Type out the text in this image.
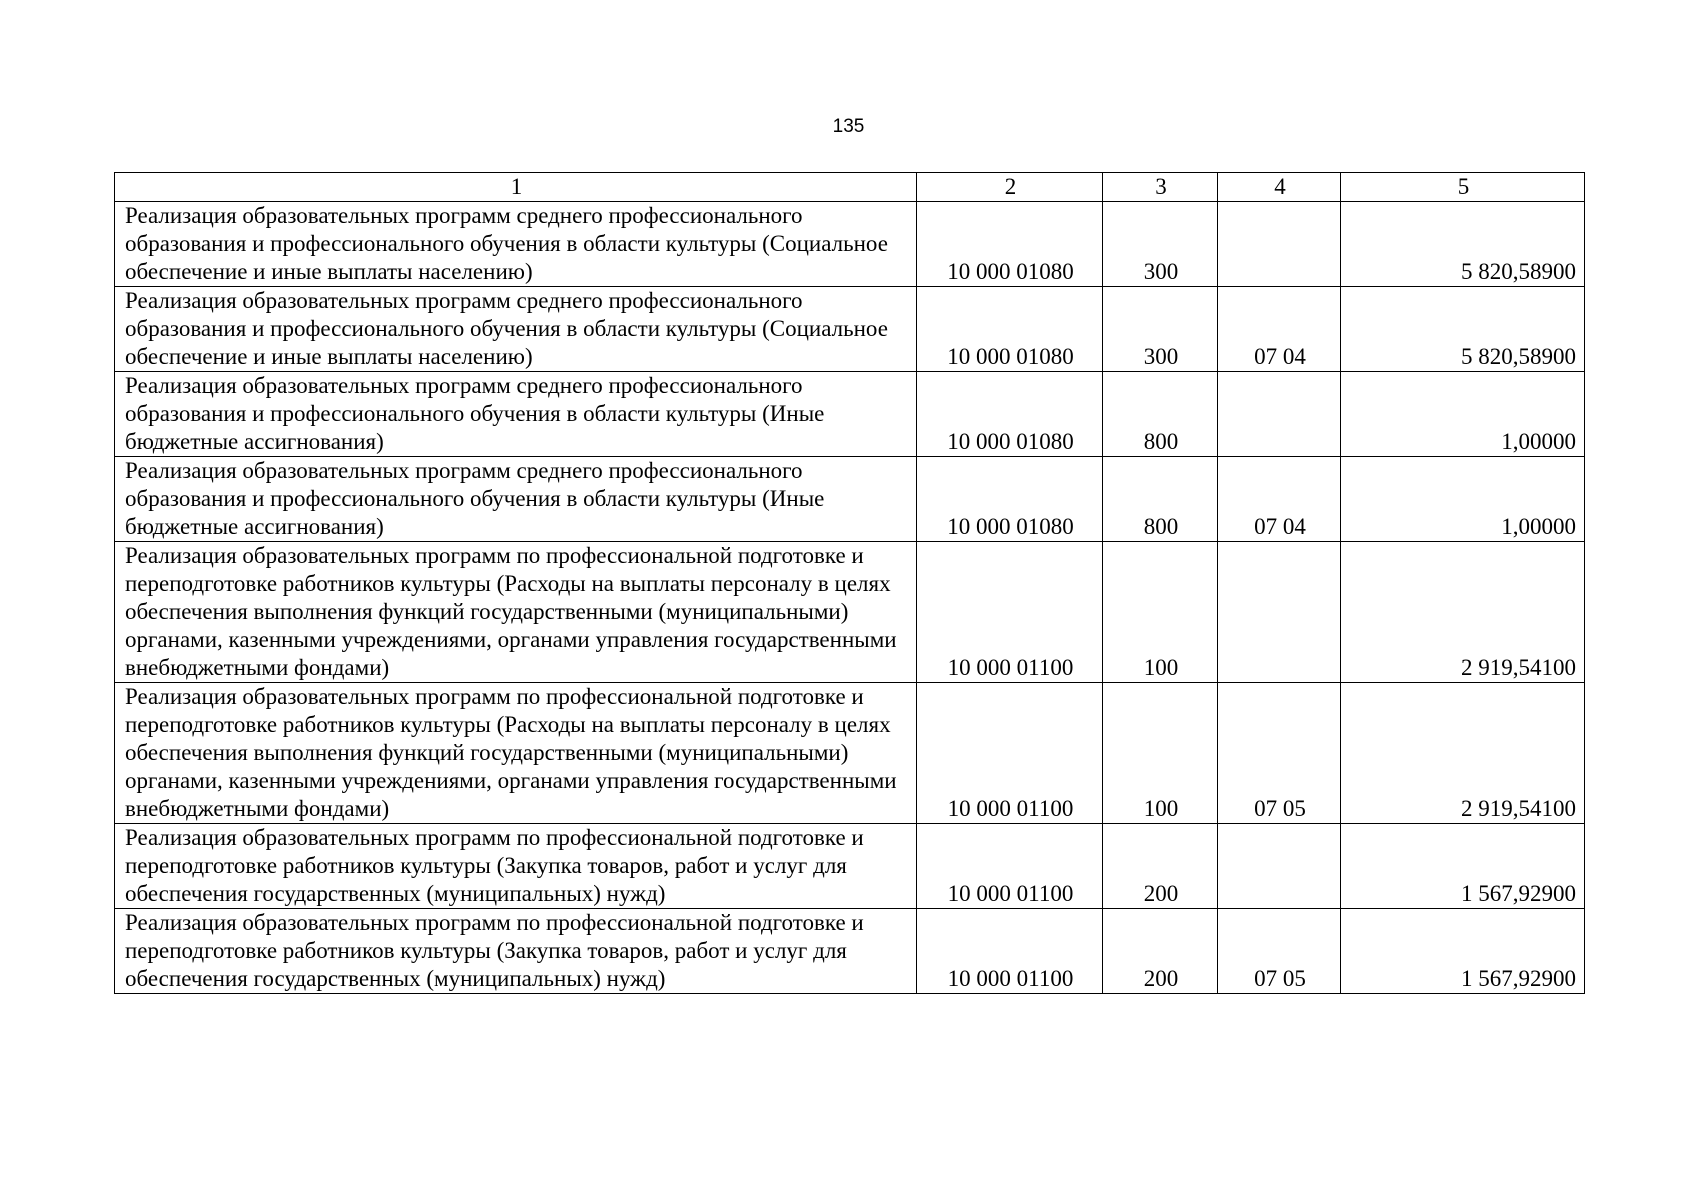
135
1	2	3	4	5
Реализация образовательных программ среднего профессионального образования и профессионального обучения в области культуры (Социальное обеспечение и иные выплаты населению)	10 000 01080	300		5 820,58900
Реализация образовательных программ среднего профессионального образования и профессионального обучения в области культуры (Социальное обеспечение и иные выплаты населению)	10 000 01080	300	07 04	5 820,58900
Реализация образовательных программ среднего профессионального образования и профессионального обучения в области культуры (Иные бюджетные ассигнования)	10 000 01080	800		1,00000
Реализация образовательных программ среднего профессионального образования и профессионального обучения в области культуры (Иные бюджетные ассигнования)	10 000 01080	800	07 04	1,00000
Реализация образовательных программ по профессиональной подготовке и переподготовке работников культуры (Расходы на выплаты персоналу в целях обеспечения выполнения функций государственными (муниципальными) органами, казенными учреждениями, органами управления государственными внебюджетными фондами)	10 000 01100	100		2 919,54100
Реализация образовательных программ по профессиональной подготовке и переподготовке работников культуры (Расходы на выплаты персоналу в целях обеспечения выполнения функций государственными (муниципальными) органами, казенными учреждениями, органами управления государственными внебюджетными фондами)	10 000 01100	100	07 05	2 919,54100
Реализация образовательных программ по профессиональной подготовке и переподготовке работников культуры (Закупка товаров, работ и услуг для обеспечения государственных (муниципальных) нужд)	10 000 01100	200		1 567,92900
Реализация образовательных программ по профессиональной подготовке и переподготовке работников культуры (Закупка товаров, работ и услуг для обеспечения государственных (муниципальных) нужд)	10 000 01100	200	07 05	1 567,92900
